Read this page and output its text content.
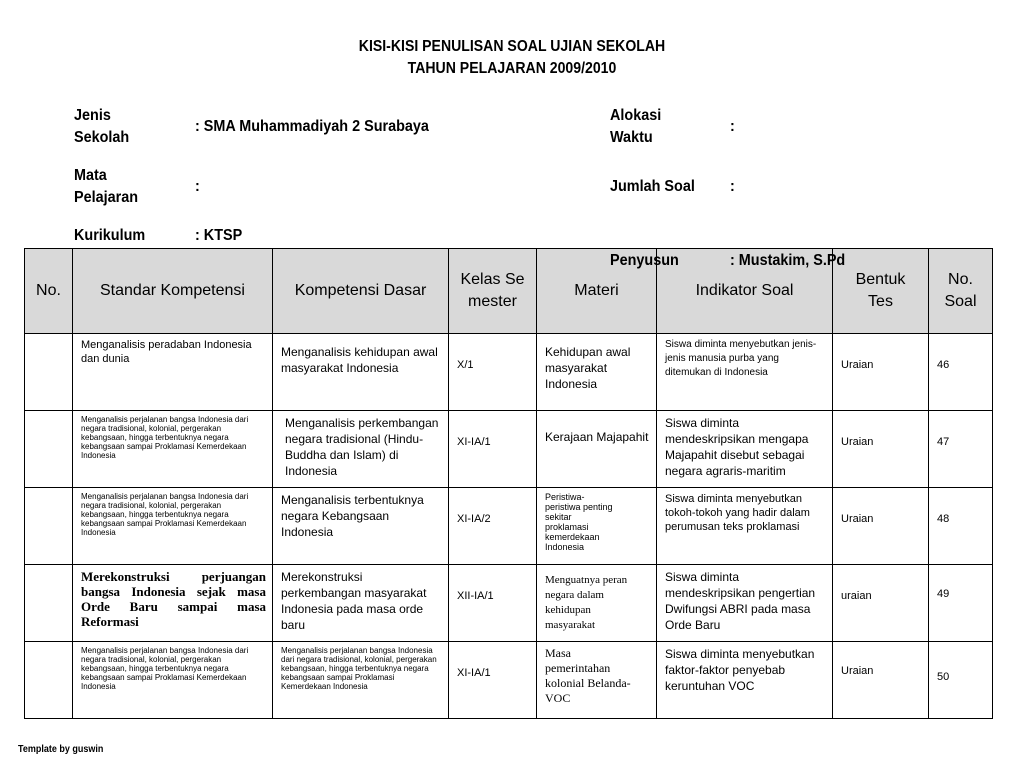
KISI-KISI PENULISAN SOAL UJIAN SEKOLAH
TAHUN PELAJARAN 2009/2010
Jenis
Sekolah
: SMA Muhammadiyah 2 Surabaya
Mata
Pelajaran
:
Kurikulum	: KTSP
Alokasi
Waktu
:
Jumlah Soal :
No.	Standar Kompetensi	Kompetensi Dasar	Kelas Semester	Materi	Indikator Soal	Bentuk Tes	No. Soal

	Menganalisis peradaban Indonesia dan dunia	Menganalisis kehidupan awal masyarakat Indonesia	X/1	Kehidupan awal masyarakat Indonesia	Siswa diminta menyebutkan jenis-jenis manusia purba yang ditemukan di Indonesia	Uraian	46

	Menganalisis perjalanan bangsa Indonesia dari negara tradisional, kolonial, pergerakan kebangsaan, hingga terbentuknya negara kebangsaan sampai Proklamasi Kemerdekaan Indonesia	Menganalisis perkembangan negara tradisional (Hindu-Buddha dan Islam) di Indonesia	XI-IA/1	Kerajaan Majapahit	Siswa diminta mendeskripsikan mengapa Majapahit disebut sebagai negara agraris-maritim	Uraian	47

	Menganalisis perjalanan bangsa Indonesia dari negara tradisional, kolonial, pergerakan kebangsaan, hingga terbentuknya negara kebangsaan sampai Proklamasi Kemerdekaan Indonesia	Menganalisis terbentuknya negara Kebangsaan Indonesia	XI-IA/2	Peristiwa-peristiwa penting sekitar proklamasi kemerdekaan Indonesia	Siswa diminta menyebutkan tokoh-tokoh yang hadir dalam perumusan teks proklamasi	Uraian	48

	Merekonstruksi perjuangan bangsa Indonesia sejak masa Orde Baru sampai masa Reformasi	Merekonstruksi perkembangan masyarakat Indonesia pada masa orde baru	XII-IA/1	Menguatnya peran negara dalam kehidupan masyarakat	Siswa diminta mendeskripsikan pengertian Dwifungsi ABRI pada masa Orde Baru	uraian	49

	Menganalisis perjalanan bangsa Indonesia dari negara tradisional, kolonial, pergerakan kebangsaan, hingga terbentuknya negara kebangsaan sampai Proklamasi Kemerdekaan Indonesia	Menganalisis perjalanan bangsa Indonesia dari negara tradisional, kolonial, pergerakan kebangsaan, hingga terbentuknya negara kebangsaan sampai Proklamasi Kemerdekaan Indonesia	XI-IA/1	Masa pemerintahan kolonial Belanda-VOC	Siswa diminta menyebutkan faktor-faktor penyebab keruntuhan VOC	Uraian	50
Penyusun	: Mustakim, S.Pd
Template by guswin
